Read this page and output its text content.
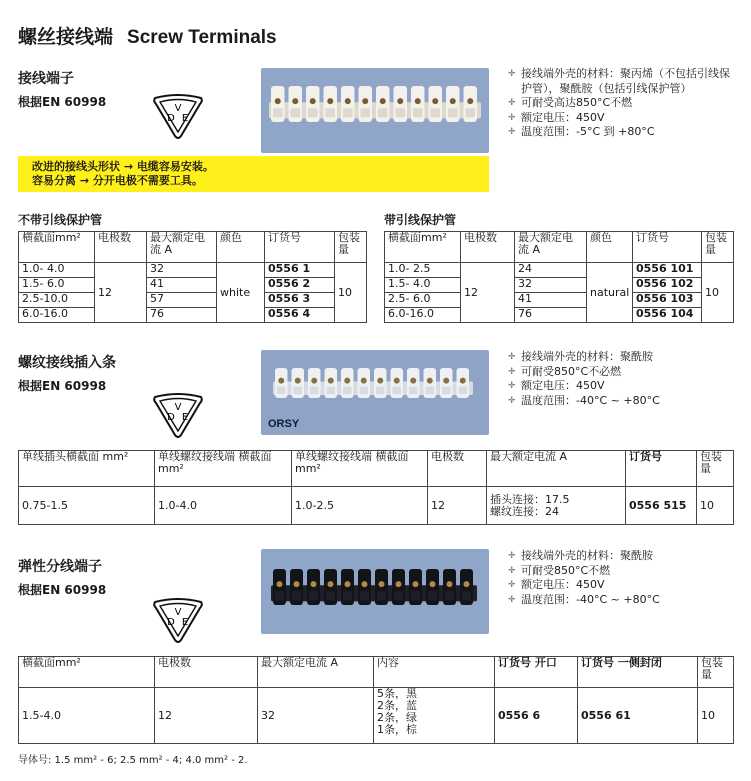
螺丝接线端 Screw Terminals
接线端子
根据EN 60998	V
D E
✛ 接线端外壳的材料：聚丙烯（不包括引线保护管），聚酰胺（包括引线保护管）
✛ 可耐受高达850°C不燃
✛ 额定电压：450V
✛ 温度范围：-5°C 到 +80°C
改进的接线头形状 → 电缆容易安装。
容易分离 → 分开电极不需要工具。
不带引线保护管	带引线保护管
横截面mm²	电极数	最大额定电流 A	颜色	订货号	包装量
1.0- 4.0	12	32	white	0556 1	10
1.5- 6.0		41		0556 2	
2.5-10.0		57		0556 3	
6.0-16.0		76		0556 4	
横截面mm²	电极数	最大额定电流 A	颜色	订货号	包装量
1.0- 2.5	12	24	natural	0556 101	10
1.5- 4.0		32		0556 102	
2.5- 6.0		41		0556 103	
6.0-16.0		76		0556 104	
螺纹接线插入条
根据EN 60998
V
D E
ORSY
✛ 接线端外壳的材料：聚酰胺
✛ 可耐受850°C不必燃
✛ 额定电压：450V
✛ 温度范围：-40°C ~ +80°C
单线插头横截面 mm²	单线螺纹接线端 横截面 mm²	单线螺纹接线端 横截面 mm²	电极数	最大额定电流 A	订货号	包装量
0.75-1.5	1.0-4.0	1.0-2.5	12	插头连接：17.5
螺纹连接：24	0556 515	10
弹性分线端子
根据EN 60998
V
D E
✛ 接线端外壳的材料：聚酰胺
✛ 可耐受850°C不燃
✛ 额定电压：450V
✛ 温度范围：-40°C ~ +80°C
横截面mm²	电极数	最大额定电流 A	内容	订货号 开口	订货号 一侧封闭	包装量
1.5-4.0	12	32	5条，黑
2条，蓝
2条，绿
1条，棕	0556 6	0556 61	10
导体号: 1.5 mm² - 6; 2.5 mm² - 4; 4.0 mm² - 2.
